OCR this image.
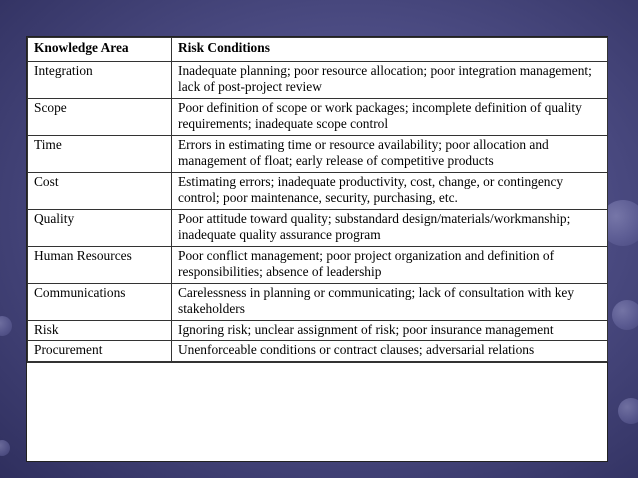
Knowledge Area	Risk Conditions
Integration	Inadequate planning; poor resource allocation; poor integration management; lack of post-project review
Scope	Poor definition of scope or work packages; incomplete definition of quality requirements; inadequate scope control
Time	Errors in estimating time or resource availability; poor allocation and management of float; early release of competitive products
Cost	Estimating errors; inadequate productivity, cost, change, or contingency control; poor maintenance, security, purchasing, etc.
Quality	Poor attitude toward quality; substandard design/materials/workmanship; inadequate quality assurance program
Human Resources	Poor conflict management; poor project organization and definition of responsibilities; absence of leadership
Communications	Carelessness in planning or communicating; lack of consultation with key stakeholders
Risk	Ignoring risk; unclear assignment of risk; poor insurance management
Procurement	Unenforceable conditions or contract clauses; adversarial relations
